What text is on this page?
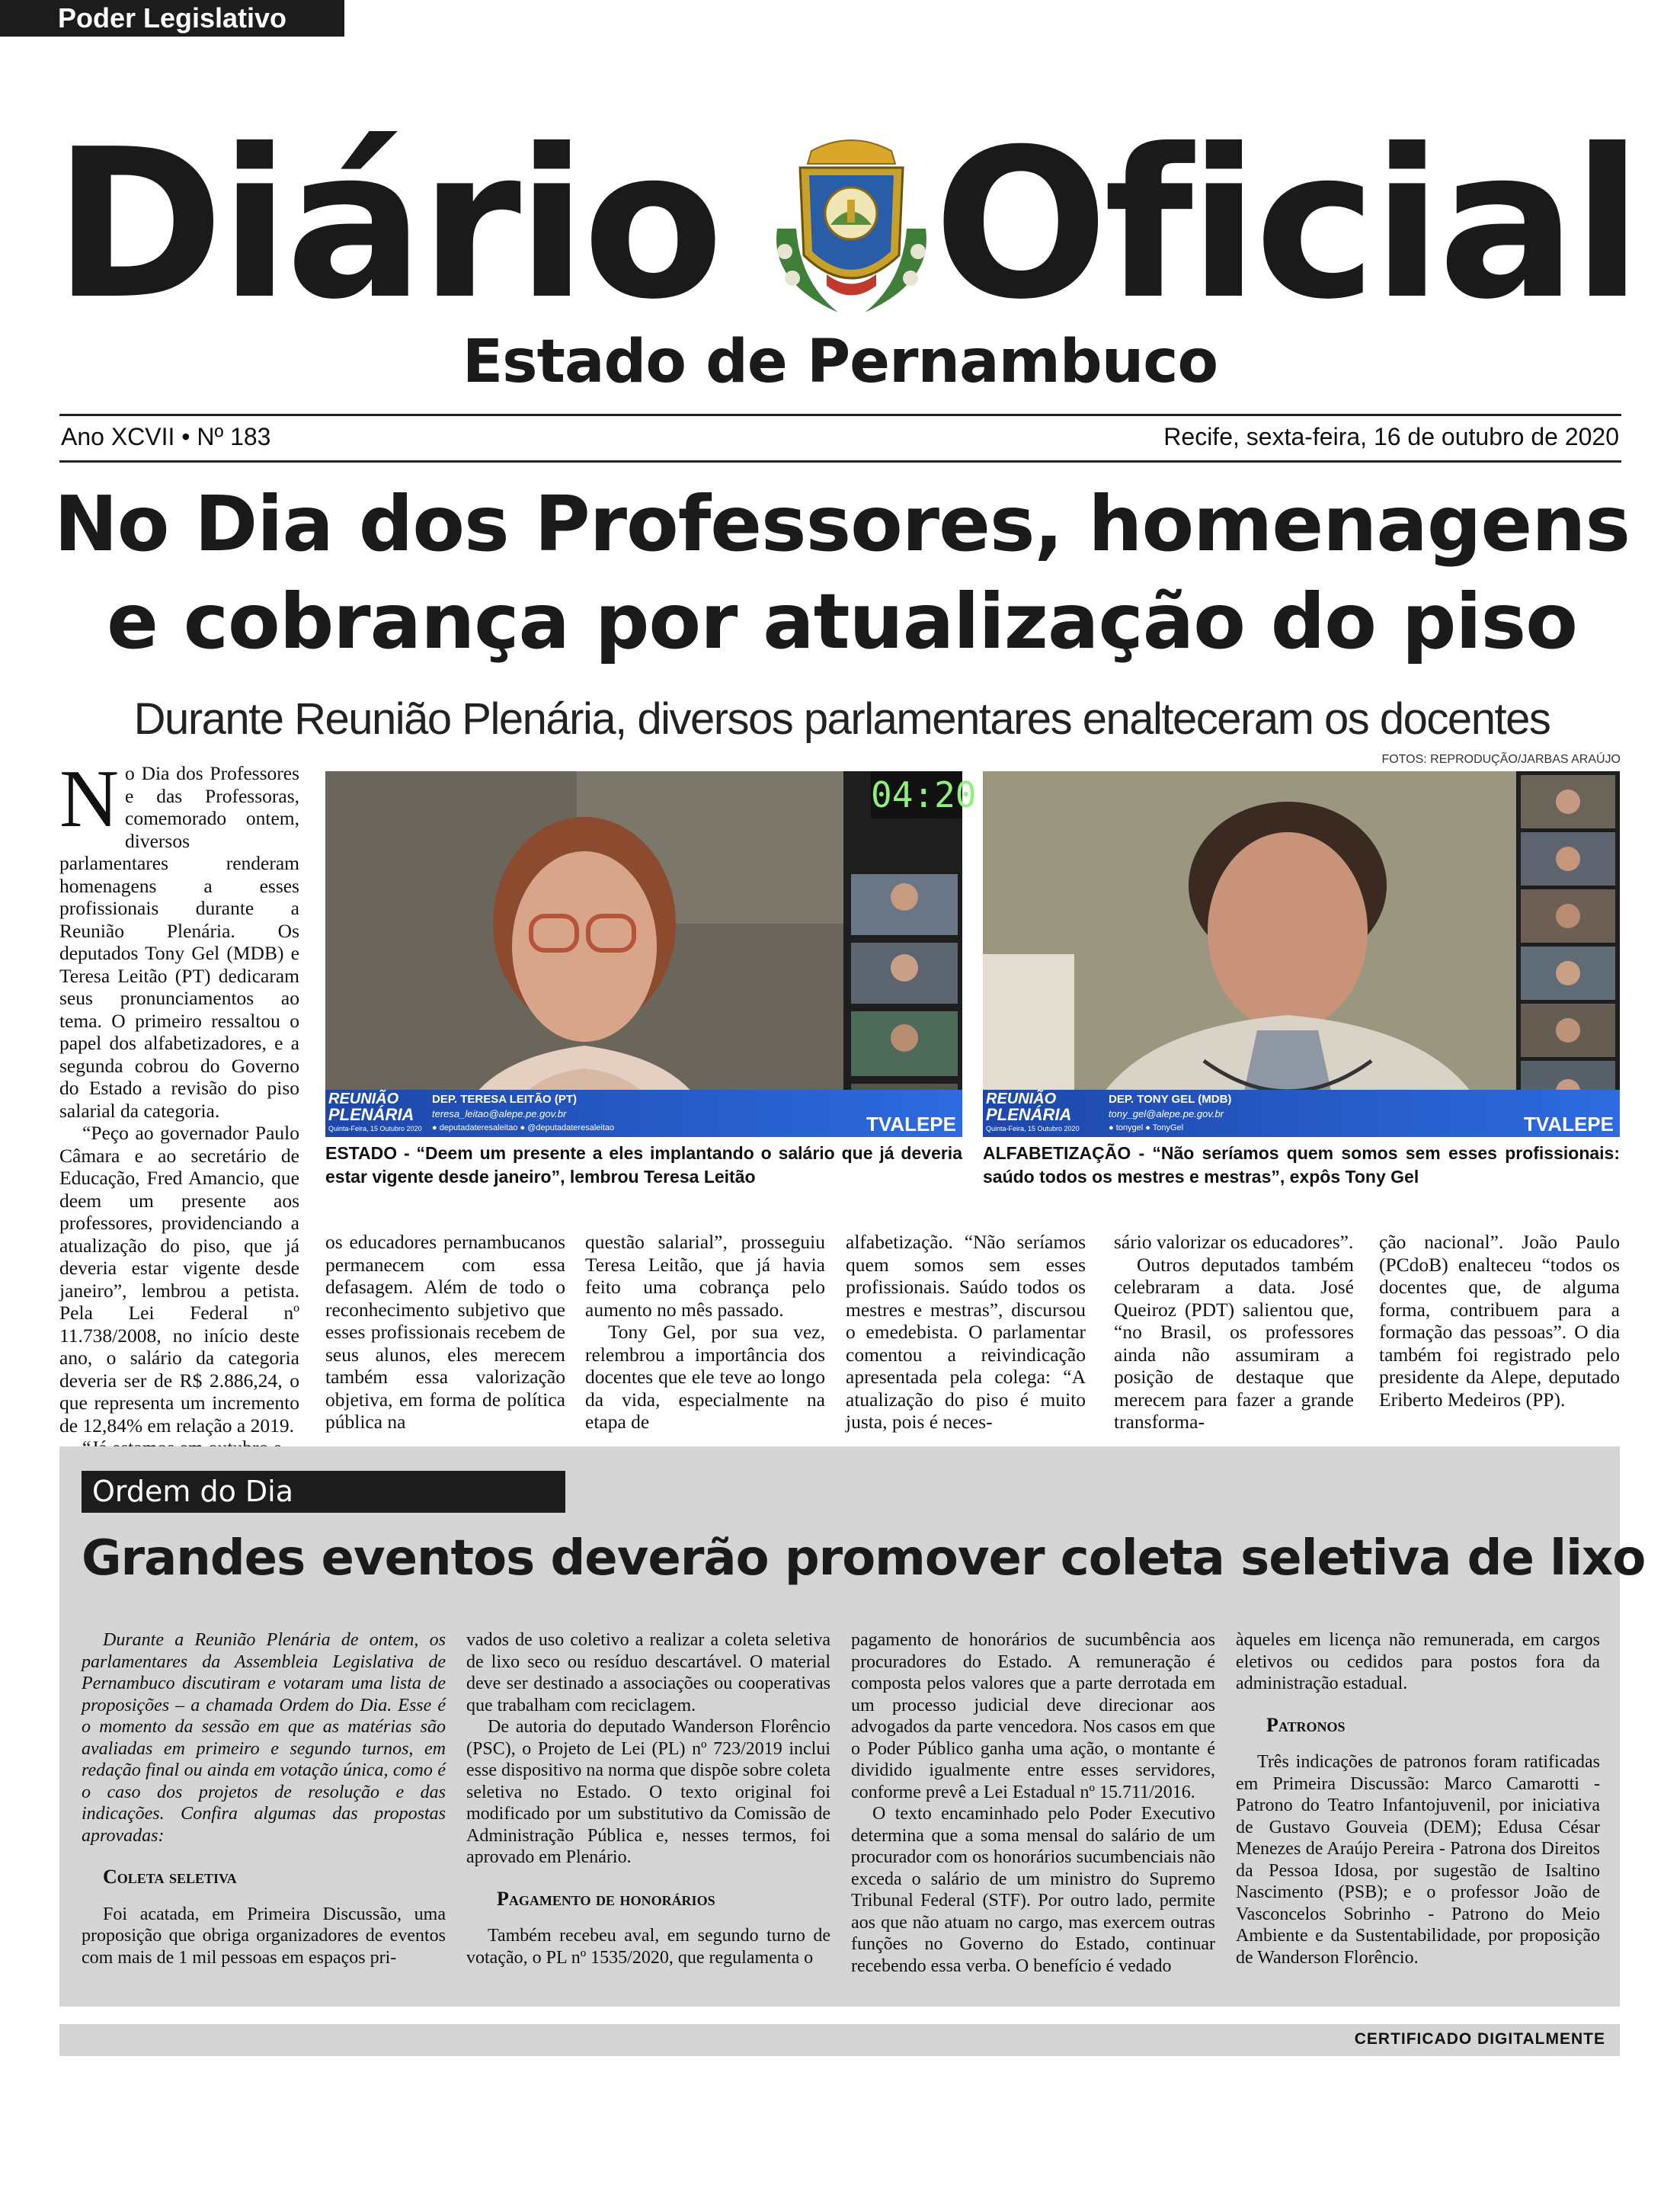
Diário Oficial
Estado de Pernambuco
Ano XCVII • Nº 183
Poder Legislativo
Recife, sexta-feira, 16 de outubro de 2020
No Dia dos Professores, homenagens
e cobrança por atualização do piso
Durante Reunião Plenária, diversos parlamentares enalteceram os docentes
FOTOS: REPRODUÇÃO/JARBAS ARAÚJO

No Dia dos Professores e das Professoras, comemorado ontem, diversos parlamentares renderam homenagens a esses profissionais durante a Reunião Plenária. Os deputados Tony Gel (MDB) e Teresa Leitão (PT) dedicaram seus pronunciamentos ao tema. O primeiro ressaltou o papel dos alfabetizadores, e a segunda cobrou do Governo do Estado a revisão do piso salarial da categoria.

“Peço ao governador Paulo Câmara e ao secretário de Educação, Fred Amancio, que deem um presente aos professores, providenciando a atualização do piso, que já deveria estar vigente desde janeiro”, lembrou a petista. Pela Lei Federal nº 11.738/2008, no início deste ano, o salário da categoria deveria ser de R$ 2.886,24, o que representa um incremento de 12,84% em relação a 2019.

04:20
REUNIÃO
PLENÁRIA
DEP. TERESA LEITÃO (PT)
teresa_leitao@alepe.pe.gov.br
Quinta-Feira, 15 Outubro 2020 ● deputadateresaleitao ● @deputadateresaleitao	TVALEPE
ESTADO - “Deem um presente a eles implantando o salário que já deveria estar vigente desde janeiro”, lembrou Teresa Leitão
REUNIÃO
PLENÁRIA
DEP. TONY GEL (MDB)
tony_gel@alepe.pe.gov.br
Quinta-Feira, 15 Outubro 2020	● tonygel ● TonyGel	TVALEPE
ALFABETIZAÇÃO - “Não seríamos quem somos sem esses profissionais: saúdo todos os mestres e mestras”, expôs Tony Gel

os educadores pernambucanos permanecem com essa defasagem. Além de todo o reconhecimento subjetivo que esses profissionais recebem de seus alunos, eles merecem também essa valorização objetiva, em forma de política pública na

questão salarial”, prosseguiu Teresa Leitão, que já havia feito uma cobrança pelo aumento no mês passado.

Tony Gel, por sua vez, relembrou a importância dos docentes que ele teve ao longo da vida, especialmente na etapa de

alfabetização. “Não seríamos quem somos sem esses profissionais. Saúdo todos os mestres e mestras”, discursou o emedebista. O parlamentar comentou a reivindicação apresentada pela colega: “A atualização do piso é muito justa, pois é neces-

sário valorizar os educadores”.

Outros deputados também celebraram a data. José Queiroz (PDT) salientou que, “no Brasil, os professores ainda não assumiram a posição de destaque que merecem para fazer a grande transforma-

ção nacional”. João Paulo (PCdoB) enalteceu “todos os docentes que, de alguma forma, contribuem para a formação das pessoas”. O dia também foi registrado pelo presidente da Alepe, deputado Eriberto Medeiros (PP).

Ordem do Dia
Grandes eventos deverão promover coleta seletiva de lixo

Durante a Reunião Plenária de ontem, os parlamentares da Assembleia Legislativa de Pernambuco discutiram e votaram uma lista de proposições – a chamada Ordem do Dia. Esse é o momento da sessão em que as matérias são avaliadas em primeiro e segundo turnos, em redação final ou ainda em votação única, como é o caso dos projetos de resolução e das indicações. Confira algumas das propostas aprovadas:

Coleta seletiva

Foi acatada, em Primeira Discussão, uma proposição que obriga organizadores de eventos com mais de 1 mil pessoas em espaços pri-

vados de uso coletivo a realizar a coleta seletiva de lixo seco ou resíduo descartável. O material deve ser destinado a associações ou cooperativas que trabalham com reciclagem.

De autoria do deputado Wanderson Florêncio (PSC), o Projeto de Lei (PL) nº 723/2019 inclui esse dispositivo na norma que dispõe sobre coleta seletiva no Estado. O texto original foi modificado por um substitutivo da Comissão de Administração Pública e, nesses termos, foi aprovado em Plenário.

Pagamento de honorários

Também recebeu aval, em segundo turno de votação, o PL nº 1535/2020, que regulamenta o

pagamento de honorários de sucumbência aos procuradores do Estado. A remuneração é composta pelos valores que a parte derrotada em um processo judicial deve direcionar aos advogados da parte vencedora. Nos casos em que o Poder Público ganha uma ação, o montante é dividido igualmente entre esses servidores, conforme prevê a Lei Estadual nº 15.711/2016.

O texto encaminhado pelo Poder Executivo determina que a soma mensal do salário de um procurador com os honorários sucumbenciais não exceda o salário de um ministro do Supremo Tribunal Federal (STF). Por outro lado, permite aos que não atuam no cargo, mas exercem outras funções no Governo do Estado, continuar recebendo essa verba. O benefício é vedado

àqueles em licença não remunerada, em cargos eletivos ou cedidos para postos fora da administração estadual.

Patronos

Três indicações de patronos foram ratificadas em Primeira Discussão: Marco Camarotti - Patrono do Teatro Infantojuvenil, por iniciativa de Gustavo Gouveia (DEM); Edusa César Menezes de Araújo Pereira - Patrona dos Direitos da Pessoa Idosa, por sugestão de Isaltino Nascimento (PSB); e o professor João de Vasconcelos Sobrinho - Patrono do Meio Ambiente e da Sustentabilidade, por proposição de Wanderson Florêncio.

CERTIFICADO DIGITALMENTE
